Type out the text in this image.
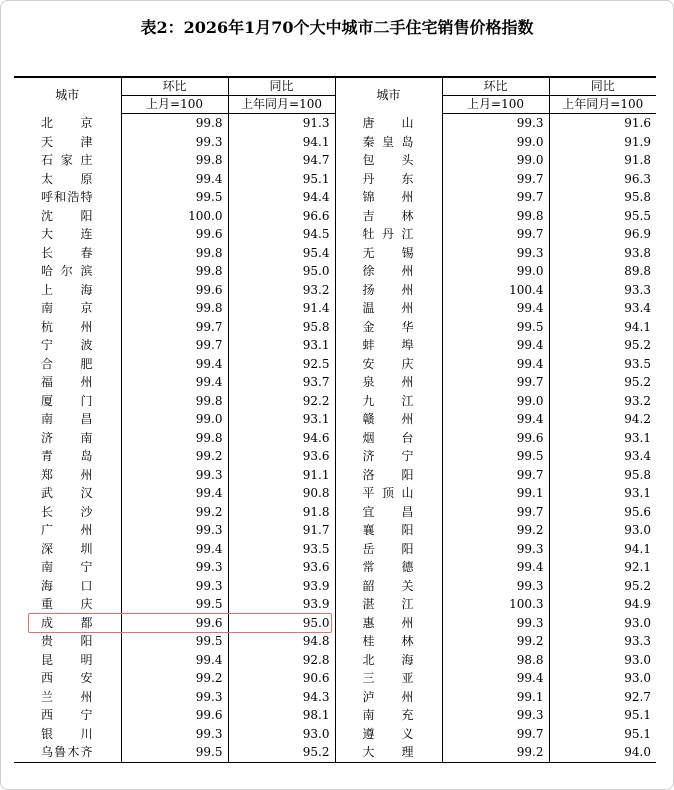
表2：2026年1月70个大中城市二手住宅销售价格指数
城市	环比	同比	城市	环比	同比
	上月=100	上年同月=100		上月=100	上年同月=100
北 京	99.8	91.3	唐 山	99.3	91.6
天 津	99.3	94.1	秦皇岛	99.0	91.9
石家庄	99.8	94.7	包 头	99.0	91.8
太 原	99.4	95.1	丹 东	99.7	96.3
呼和浩特	99.5	94.4	锦 州	99.7	95.8
沈 阳	100.0	96.6	吉 林	99.8	95.5
大 连	99.6	94.5	牡丹江	99.7	96.9
长 春	99.8	95.4	无 锡	99.3	93.8
哈尔滨	99.8	95.0	徐 州	99.0	89.8
上 海	99.6	93.2	扬 州	100.4	93.3
南 京	99.8	91.4	温 州	99.4	93.4
杭 州	99.7	95.8	金 华	99.5	94.1
宁 波	99.7	93.1	蚌 埠	99.4	95.2
合 肥	99.4	92.5	安 庆	99.4	93.5
福 州	99.4	93.7	泉 州	99.7	95.2
厦 门	99.8	92.2	九 江	99.0	93.2
南 昌	99.0	93.1	赣 州	99.4	94.2
济 南	99.8	94.6	烟 台	99.6	93.1
青 岛	99.2	93.6	济 宁	99.5	93.4
郑 州	99.3	91.1	洛 阳	99.7	95.8
武 汉	99.4	90.8	平顶山	99.1	93.1
长 沙	99.2	91.8	宜 昌	99.7	95.6
广 州	99.3	91.7	襄 阳	99.2	93.0
深 圳	99.4	93.5	岳 阳	99.3	94.1
南 宁	99.3	93.6	常 德	99.4	92.1
海 口	99.3	93.9	韶 关	99.3	95.2
重 庆	99.5	93.9	湛 江	100.3	94.9
成 都	99.6	95.0	惠 州	99.3	93.0
贵 阳	99.5	94.8	桂 林	99.2	93.3
昆 明	99.4	92.8	北 海	98.8	93.0
西 安	99.2	90.6	三 亚	99.4	93.0
兰 州	99.3	94.3	泸 州	99.1	92.7
西 宁	99.6	98.1	南 充	99.3	95.1
银 川	99.3	93.0	遵 义	99.7	95.1
乌鲁木齐	99.5	95.2	大 理	99.2	94.0
